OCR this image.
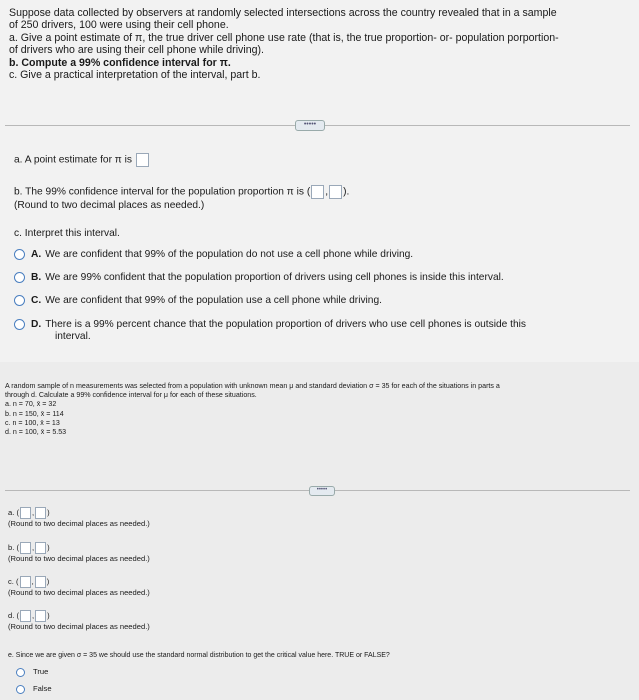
Suppose data collected by observers at randomly selected intersections across the country revealed that in a sample
of 250 drivers, 100 were using their cell phone.
a. Give a point estimate of π, the true driver cell phone use rate (that is, the true proportion- or- population porportion-
of drivers who are using their cell phone while driving).
b. Compute a 99% confidence interval for π.
c. Give a practical interpretation of the interval, part b.
•••••
a. A point estimate for π is
b. The 99% confidence interval for the population proportion π is ( , ).
(Round to two decimal places as needed.)
c. Interpret this interval.
A. We are confident that 99% of the population do not use a cell phone while driving.
B. We are 99% confident that the population proportion of drivers using cell phones is inside this interval.
C. We are confident that 99% of the population use a cell phone while driving.
D. There is a 99% percent chance that the population proportion of drivers who use cell phones is outside this
interval.
A random sample of n measurements was selected from a population with unknown mean μ and standard deviation σ = 35 for each of the situations in parts a
through d. Calculate a 99% confidence interval for μ for each of these situations.
a. n = 70, x̄ = 32
b. n = 150, x̄ = 114
c. n = 100, x̄ = 13
d. n = 100, x̄ = 5.53
•••••
a. ( , )
(Round to two decimal places as needed.)
b. ( , )
(Round to two decimal places as needed.)
c. ( , )
(Round to two decimal places as needed.)
d. ( , )
(Round to two decimal places as needed.)
e. Since we are given σ = 35 we should use the standard normal distribution to get the critical value here. TRUE or FALSE?
True
False
